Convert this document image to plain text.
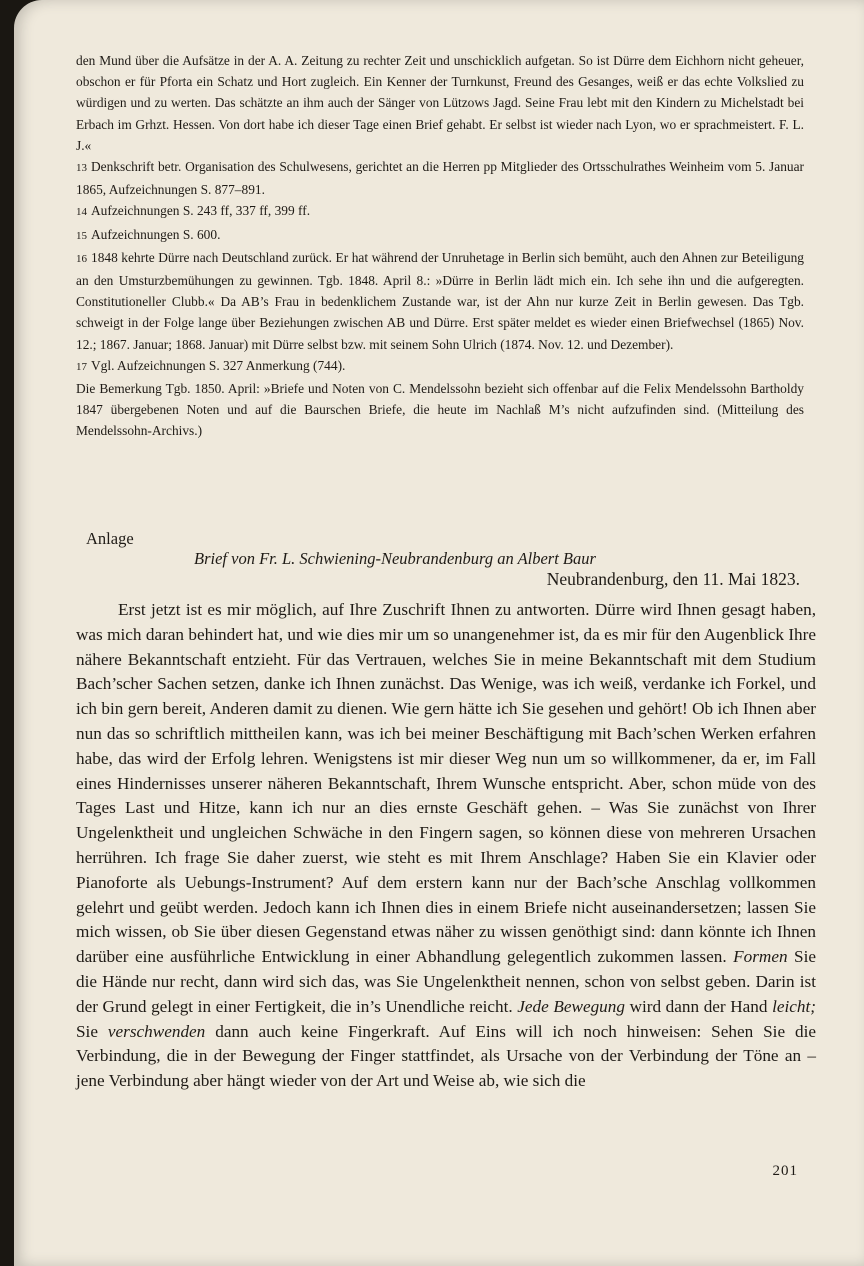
den Mund über die Aufsätze in der A. A. Zeitung zu rechter Zeit und unschicklich aufgetan. So ist Dürre dem Eichhorn nicht geheuer, obschon er für Pforta ein Schatz und Hort zugleich. Ein Kenner der Turnkunst, Freund des Gesanges, weiß er das echte Volkslied zu würdigen und zu werten. Das schätzte an ihm auch der Sänger von Lützows Jagd. Seine Frau lebt mit den Kindern zu Michelstadt bei Erbach im Grhzt. Hessen. Von dort habe ich dieser Tage einen Brief gehabt. Er selbst ist wieder nach Lyon, wo er sprachmeistert. F. L. J.«

13 Denkschrift betr. Organisation des Schulwesens, gerichtet an die Herren pp Mitglieder des Ortsschulrathes Weinheim vom 5. Januar 1865, Aufzeichnungen S. 877–891.

14 Aufzeichnungen S. 243 ff, 337 ff, 399 ff.

15 Aufzeichnungen S. 600.

16 1848 kehrte Dürre nach Deutschland zurück. Er hat während der Unruhetage in Berlin sich bemüht, auch den Ahnen zur Beteiligung an den Umsturzbemühungen zu gewinnen. Tgb. 1848. April 8.: »Dürre in Berlin lädt mich ein. Ich sehe ihn und die aufgeregten. Constitutioneller Clubb.« Da AB’s Frau in bedenklichem Zustande war, ist der Ahn nur kurze Zeit in Berlin gewesen. Das Tgb. schweigt in der Folge lange über Beziehungen zwischen AB und Dürre. Erst später meldet es wieder einen Briefwechsel (1865) Nov. 12.; 1867. Januar; 1868. Januar) mit Dürre selbst bzw. mit seinem Sohn Ulrich (1874. Nov. 12. und Dezember).

17 Vgl. Aufzeichnungen S. 327 Anmerkung (744).

Die Bemerkung Tgb. 1850. April: »Briefe und Noten von C. Mendelssohn bezieht sich offenbar auf die Felix Mendelssohn Bartholdy 1847 übergebenen Noten und auf die Baurschen Briefe, die heute im Nachlaß M’s nicht aufzufinden sind. (Mitteilung des Mendelssohn-Archivs.)

Anlage
Brief von Fr. L. Schwiening-Neubrandenburg an Albert Baur
Neubrandenburg, den 11. Mai 1823.

Erst jetzt ist es mir möglich, auf Ihre Zuschrift Ihnen zu antworten. Dürre wird Ihnen gesagt haben, was mich daran behindert hat, und wie dies mir um so unangenehmer ist, da es mir für den Augenblick Ihre nähere Bekanntschaft entzieht. Für das Vertrauen, welches Sie in meine Bekanntschaft mit dem Studium Bach’scher Sachen setzen, danke ich Ihnen zunächst. Das Wenige, was ich weiß, verdanke ich Forkel, und ich bin gern bereit, Anderen damit zu dienen. Wie gern hätte ich Sie gesehen und gehört! Ob ich Ihnen aber nun das so schriftlich mittheilen kann, was ich bei meiner Beschäftigung mit Bach’schen Werken erfahren habe, das wird der Erfolg lehren. Wenigstens ist mir dieser Weg nun um so willkommener, da er, im Fall eines Hindernisses unserer näheren Bekanntschaft, Ihrem Wunsche entspricht. Aber, schon müde von des Tages Last und Hitze, kann ich nur an dies ernste Geschäft gehen. – Was Sie zunächst von Ihrer Ungelenktheit und ungleichen Schwäche in den Fingern sagen, so können diese von mehreren Ursachen herrühren. Ich frage Sie daher zuerst, wie steht es mit Ihrem Anschlage? Haben Sie ein Klavier oder Pianoforte als Uebungs-Instrument? Auf dem erstern kann nur der Bach’sche Anschlag vollkommen gelehrt und geübt werden. Jedoch kann ich Ihnen dies in einem Briefe nicht auseinandersetzen; lassen Sie mich wissen, ob Sie über diesen Gegenstand etwas näher zu wissen genöthigt sind: dann könnte ich Ihnen darüber eine ausführliche Entwicklung in einer Abhandlung gelegentlich zukommen lassen. Formen Sie die Hände nur recht, dann wird sich das, was Sie Ungelenktheit nennen, schon von selbst geben. Darin ist der Grund gelegt in einer Fertigkeit, die in’s Unendliche reicht. Jede Bewegung wird dann der Hand leicht; Sie verschwenden dann auch keine Fingerkraft. Auf Eins will ich noch hinweisen: Sehen Sie die Verbindung, die in der Bewegung der Finger stattfindet, als Ursache von der Verbindung der Töne an – jene Verbindung aber hängt wieder von der Art und Weise ab, wie sich die

201
